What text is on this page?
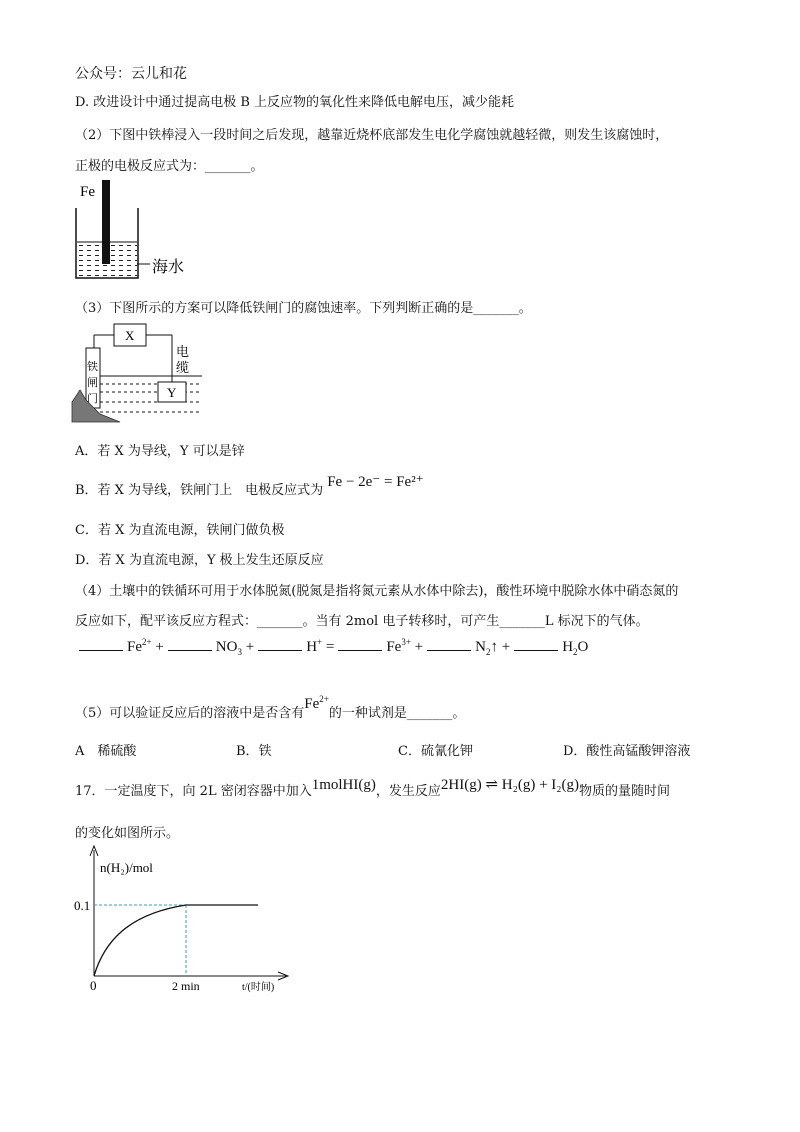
公众号：云儿和花
D. 改进设计中通过提高电极 B 上反应物的氧化性来降低电解电压，减少能耗
（2）下图中铁棒浸入一段时间之后发现，越靠近烧杯底部发生电化学腐蚀就越轻微，则发生该腐蚀时，
正极的电极反应式为：_______。
Fe
海水
（3）下图所示的方案可以降低铁闸门的腐蚀速率。下列判断正确的是_______。
X
电
缆
铁
闸
门	Y
A．若 X 为导线，Y 可以是锌
B．若 X 为导线，铁闸门上　电极反应式为 Fe − 2e⁻ = Fe²⁺
C．若 X 为直流电源，铁闸门做负极
D．若 X 为直流电源，Y 极上发生还原反应
（4）土壤中的铁循环可用于水体脱氮(脱氮是指将氮元素从水体中除去)，酸性环境中脱除水体中硝态氮的
反应如下，配平该反应方程式：_______。当有 2mol 电子转移时，可产生_______L 标况下的气体。
$Fe^{2+}$ +	$NO_3$ +	H+ =	$Fe^{3+}$ +	$N_2↑$ +	$H_2O$
（5）可以验证反应后的溶液中是否含有$Fe^{2+}$的一种试剂是_______。
A　稀硫酸	B．铁	C．硫氰化钾	D．酸性高锰酸钾溶液
17．一定温度下，向 2L 密闭容器中加入1molHI(g)，发生反应2HI(g) ⇌ H₂(g) + I₂(g)物质的量随时间
的变化如图所示。
n(H₂)/mol
0.1
0	2 min	t/(时间)
